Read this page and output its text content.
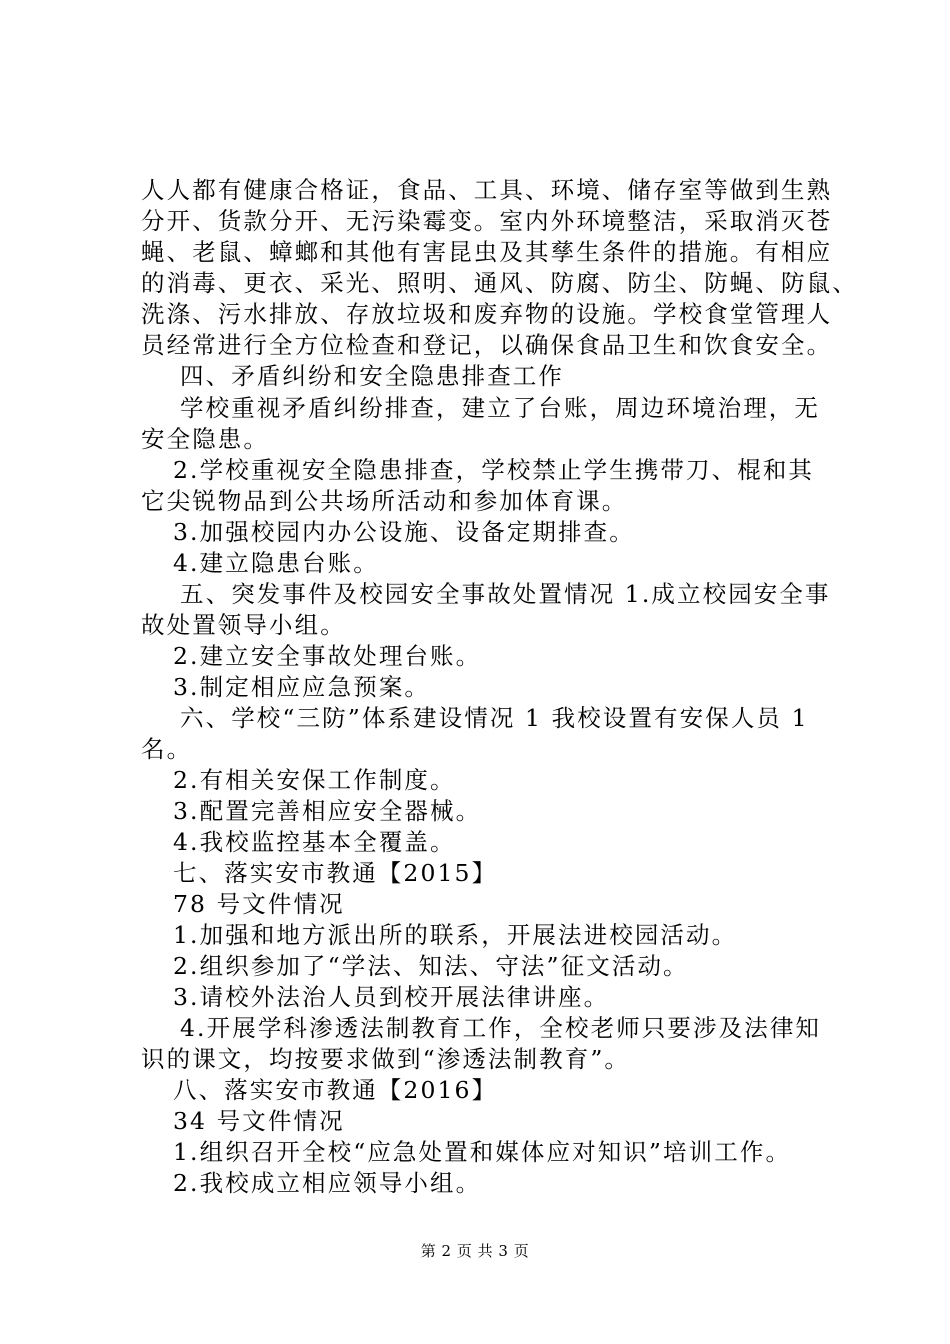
人人都有健康合格证，食品、工具、环境、储存室等做到生熟
分开、货款分开、无污染霉变。室内外环境整洁，采取消灭苍
蝇、老鼠、蟑螂和其他有害昆虫及其孳生条件的措施。有相应
的消毒、更衣、采光、照明、通风、防腐、防尘、防蝇、防鼠、
洗涤、污水排放、存放垃圾和废弃物的设施。学校食堂管理人
员经常进行全方位检查和登记，以确保食品卫生和饮食安全。
四、矛盾纠纷和安全隐患排查工作
学校重视矛盾纠纷排查，建立了台账，周边环境治理，无
安全隐患。
2.学校重视安全隐患排查，学校禁止学生携带刀、棍和其
它尖锐物品到公共场所活动和参加体育课。
3.加强校园内办公设施、设备定期排查。
4.建立隐患台账。
五、突发事件及校园安全事故处置情况 1.成立校园安全事
故处置领导小组。
2.建立安全事故处理台账。
3.制定相应应急预案。
六、学校“三防”体系建设情况 1 我校设置有安保人员 1
名。
2.有相关安保工作制度。
3.配置完善相应安全器械。
4.我校监控基本全覆盖。
七、落实安市教通【2015】
78 号文件情况
1.加强和地方派出所的联系，开展法进校园活动。
2.组织参加了“学法、知法、守法”征文活动。
3.请校外法治人员到校开展法律讲座。
4.开展学科渗透法制教育工作，全校老师只要涉及法律知
识的课文，均按要求做到“渗透法制教育”。
八、落实安市教通【2016】
34 号文件情况
1.组织召开全校“应急处置和媒体应对知识”培训工作。
2.我校成立相应领导小组。
第 2 页 共 3 页
